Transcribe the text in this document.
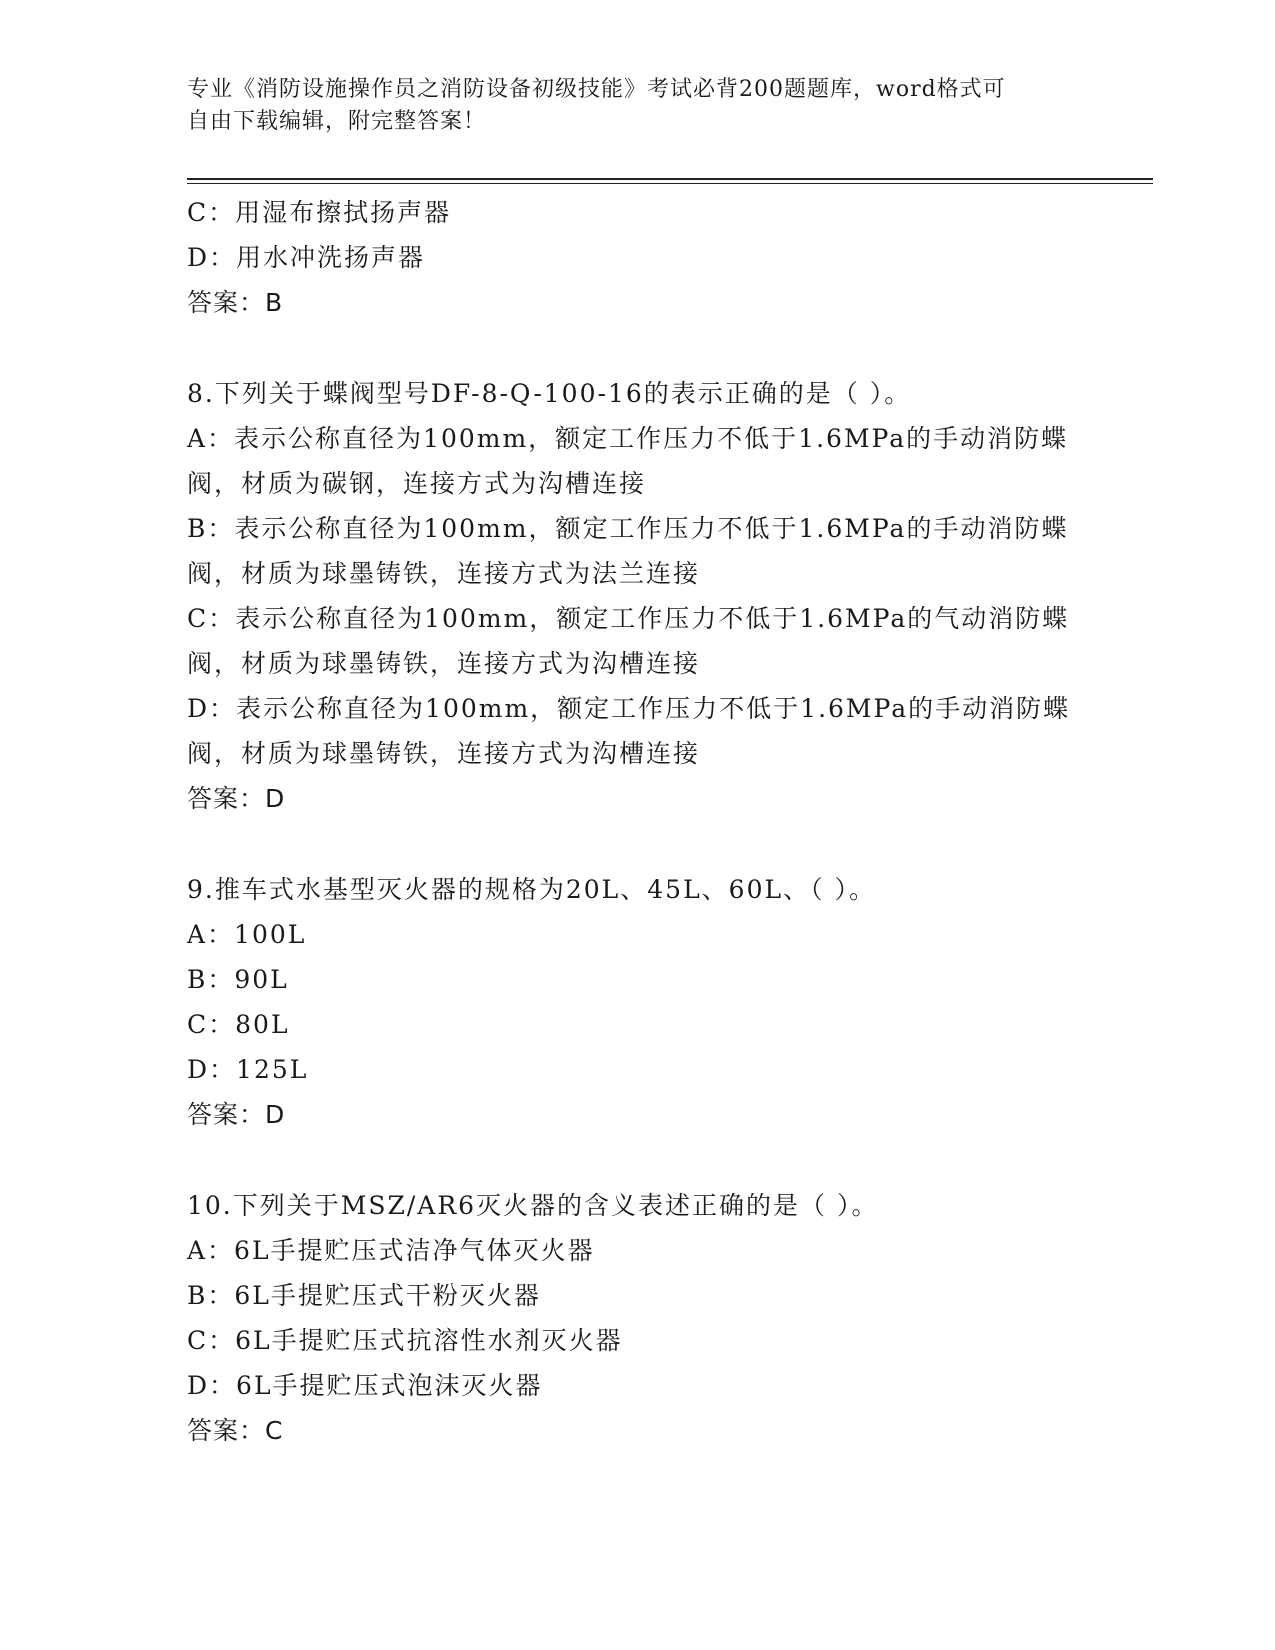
专业《消防设施操作员之消防设备初级技能》考试必背200题题库，word格式可
自由下载编辑，附完整答案！
C：用湿布擦拭扬声器
D：用水冲洗扬声器
答案：B
8.下列关于蝶阀型号DF-8-Q-100-16的表示正确的是（ ）。
A：表示公称直径为100mm，额定工作压力不低于1.6MPa的手动消防蝶
阀，材质为碳钢，连接方式为沟槽连接
B：表示公称直径为100mm，额定工作压力不低于1.6MPa的手动消防蝶
阀，材质为球墨铸铁，连接方式为法兰连接
C：表示公称直径为100mm，额定工作压力不低于1.6MPa的气动消防蝶
阀，材质为球墨铸铁，连接方式为沟槽连接
D：表示公称直径为100mm，额定工作压力不低于1.6MPa的手动消防蝶
阀，材质为球墨铸铁，连接方式为沟槽连接
答案：D
9.推车式水基型灭火器的规格为20L、45L、60L、（ ）。
A：100L
B：90L
C：80L
D：125L
答案：D
10.下列关于MSZ/AR6灭火器的含义表述正确的是（ ）。
A：6L手提贮压式洁净气体灭火器
B：6L手提贮压式干粉灭火器
C：6L手提贮压式抗溶性水剂灭火器
D：6L手提贮压式泡沫灭火器
答案：C
